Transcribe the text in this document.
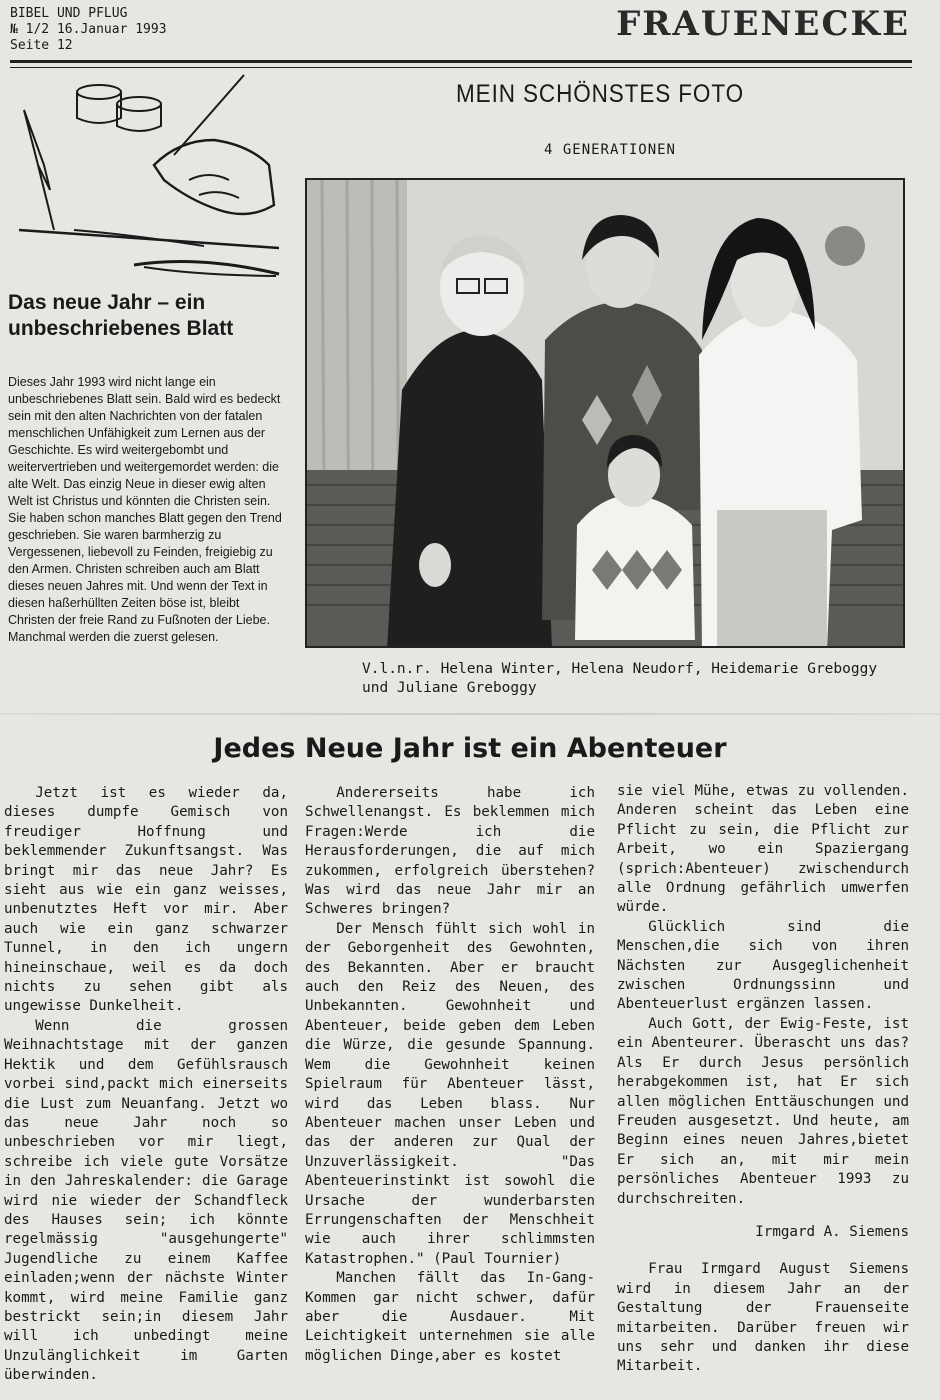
BIBEL UND PFLUG
№ 1/2 16.Januar 1993
Seite 12
FRAUENECKE
Das neue Jahr – ein unbeschriebenes Blatt

Dieses Jahr 1993 wird nicht lange ein unbeschriebenes Blatt sein. Bald wird es bedeckt sein mit den alten Nachrichten von der fatalen menschlichen Unfähigkeit zum Lernen aus der Geschichte. Es wird weitergebombt und weitervertrieben und weitergemordet werden: die alte Welt. Das einzig Neue in dieser ewig alten Welt ist Christus und könnten die Christen sein. Sie haben schon manches Blatt gegen den Trend geschrieben. Sie waren barmherzig zu Vergessenen, liebevoll zu Feinden, freigiebig zu den Armen. Christen schreiben auch am Blatt dieses neuen Jahres mit. Und wenn der Text in diesen haßerhüllten Zeiten böse ist, bleibt Christen der freie Rand zu Fußnoten der Liebe. Manchmal werden die zuerst gelesen.

MEIN SCHÖNSTES FOTO
4 GENERATIONEN

V.l.n.r. Helena Winter, Helena Neudorf, Heidemarie Greboggy und Juliane Greboggy

Jedes Neue Jahr ist ein Abenteuer

Jetzt ist es wieder da, dieses dumpfe Gemisch von freudiger Hoffnung und beklemmender Zukunftsangst. Was bringt mir das neue Jahr? Es sieht aus wie ein ganz weisses, unbenutztes Heft vor mir. Aber auch wie ein ganz schwarzer Tunnel, in den ich ungern hineinschaue, weil es da doch nichts zu sehen gibt als ungewisse Dunkelheit.

Wenn die grossen Weihnachtstage mit der ganzen Hektik und dem Gefühlsrausch vorbei sind,packt mich einerseits die Lust zum Neuanfang. Jetzt wo das neue Jahr noch so unbeschrieben vor mir liegt, schreibe ich viele gute Vorsätze in den Jahreskalender: die Garage wird nie wieder der Schandfleck des Hauses sein; ich könnte regelmässig "ausgehungerte" Jugendliche zu einem Kaffee einladen;wenn der nächste Winter kommt, wird meine Familie ganz bestrickt sein;in diesem Jahr will ich unbedingt meine Unzulänglichkeit im Garten überwinden.

Andererseits habe ich Schwellenangst. Es beklemmen mich Fragen:Werde ich die Herausforderungen, die auf mich zukommen, erfolgreich überstehen? Was wird das neue Jahr mir an Schweres bringen?

Der Mensch fühlt sich wohl in der Geborgenheit des Gewohnten, des Bekannten. Aber er braucht auch den Reiz des Neuen, des Unbekannten. Gewohnheit und Abenteuer, beide geben dem Leben die Würze, die gesunde Spannung. Wem die Gewohnheit keinen Spielraum für Abenteuer lässt, wird das Leben blass. Nur Abenteuer machen unser Leben und das der anderen zur Qual der Unzuverlässigkeit. "Das Abenteuerinstinkt ist sowohl die Ursache der wunderbarsten Errungenschaften der Menschheit wie auch ihrer schlimmsten Katastrophen." (Paul Tournier)

Manchen fällt das In-Gang-Kommen gar nicht schwer, dafür aber die Ausdauer. Mit Leichtigkeit unternehmen sie alle möglichen Dinge,aber es kostet

sie viel Mühe, etwas zu vollenden. Anderen scheint das Leben eine Pflicht zu sein, die Pflicht zur Arbeit, wo ein Spaziergang (sprich:Abenteuer) zwischendurch alle Ordnung gefährlich umwerfen würde.

Glücklich sind die Menschen,die sich von ihren Nächsten zur Ausgeglichenheit zwischen Ordnungssinn und Abenteuerlust ergänzen lassen.

Auch Gott, der Ewig-Feste, ist ein Abenteurer. Überascht uns das?Als Er durch Jesus persönlich herabgekommen ist, hat Er sich allen möglichen Enttäuschungen und Freuden ausgesetzt. Und heute, am Beginn eines neuen Jahres,bietet Er sich an, mit mir mein persönliches Abenteuer 1993 zu durchschreiten.

Irmgard A. Siemens

Frau Irmgard August Siemens wird in diesem Jahr an der Gestaltung der Frauenseite mitarbeiten. Darüber freuen wir uns sehr und danken ihr diese Mitarbeit.
